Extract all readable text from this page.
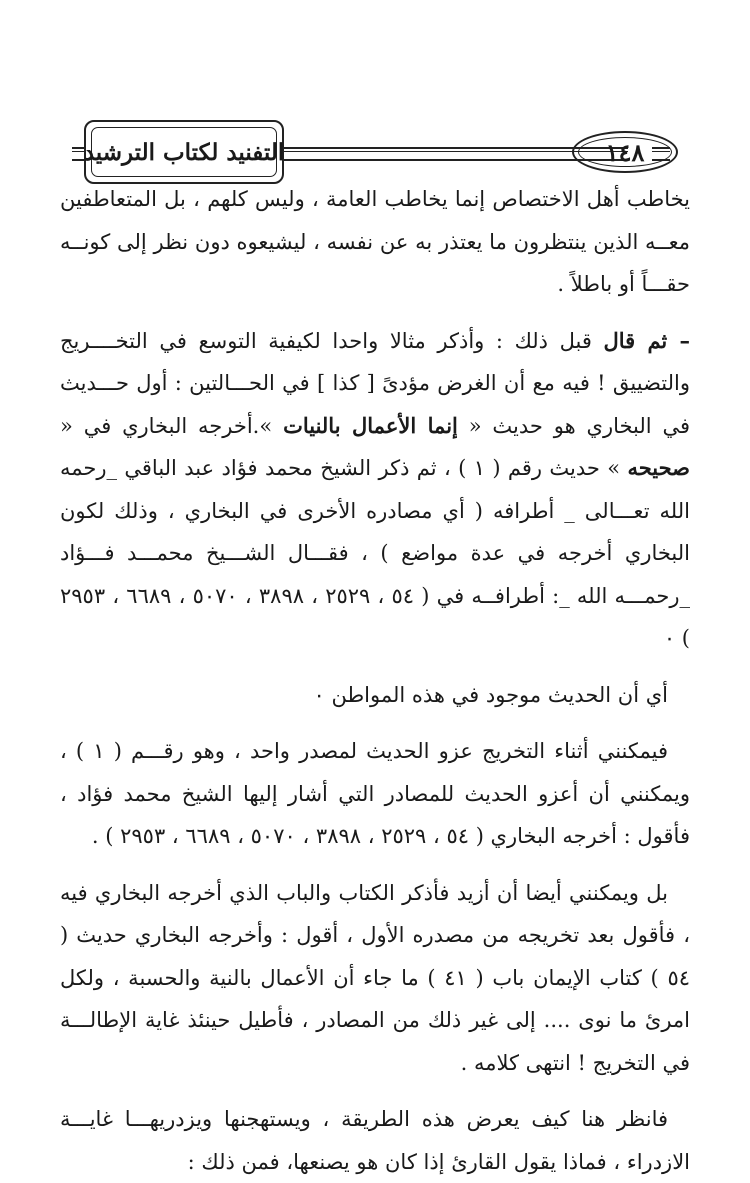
التفنيد لكتاب الترشيد	١٤٨

يخاطب أهل الاختصاص إنما يخاطب العامة ، وليس كلهم ، بل المتعاطفين معــه الذين ينتظرون ما يعتذر به عن نفسه ، ليشيعوه دون نظر إلى كونــه حقـــاً أو باطلاً .

– ثم قال قبل ذلك : وأذكر مثالا واحدا لكيفية التوسع في التخــــريج والتضييق ! فيه مع أن الغرض مؤدىً [ كذا ] في الحـــالتين : أول حـــديث في البخاري هو حديث « إنما الأعمال بالنيات ».أخرجه البخاري في « صحيحه » حديث رقم ( ١ ) ، ثم ذكر الشيخ محمد فؤاد عبد الباقي _رحمه الله تعـــالى _ أطرافه ( أي مصادره الأخرى في البخاري ، وذلك لكون البخاري أخرجه في عدة مواضع ) ، فقـــال الشـــيخ محمـــد فـــؤاد _رحمـــه الله _: أطرافــه في ( ٥٤ ، ٢٥٢٩ ، ٣٨٩٨ ، ٥٠٧٠ ، ٦٦٨٩ ، ٢٩٥٣ ) ٠

أي أن الحديث موجود في هذه المواطن ٠

فيمكنني أثناء التخريج عزو الحديث لمصدر واحد ، وهو رقـــم ( ١ ) ، ويمكنني أن أعزو الحديث للمصادر التي أشار إليها الشيخ محمد فؤاد ، فأقول : أخرجه البخاري ( ٥٤ ، ٢٥٢٩ ، ٣٨٩٨ ، ٥٠٧٠ ، ٦٦٨٩ ، ٢٩٥٣ ) .

بل ويمكنني أيضا أن أزيد فأذكر الكتاب والباب الذي أخرجه البخاري فيه ، فأقول بعد تخريجه من مصدره الأول ، أقول : وأخرجه البخاري حديث ( ٥٤ ) كتاب الإيمان باب ( ٤١ ) ما جاء أن الأعمال بالنية والحسبة ، ولكل امرئ ما نوى .... إلى غير ذلك من المصادر ، فأطيل حينئذ غاية الإطالـــة في التخريج ! انتهى كلامه .

فانظر هنا كيف يعرض هذه الطريقة ، ويستهجنها ويزدريهـــا غايـــة الازدراء ، فماذا يقول القارئ إذا كان هو يصنعها، فمن ذلك :
